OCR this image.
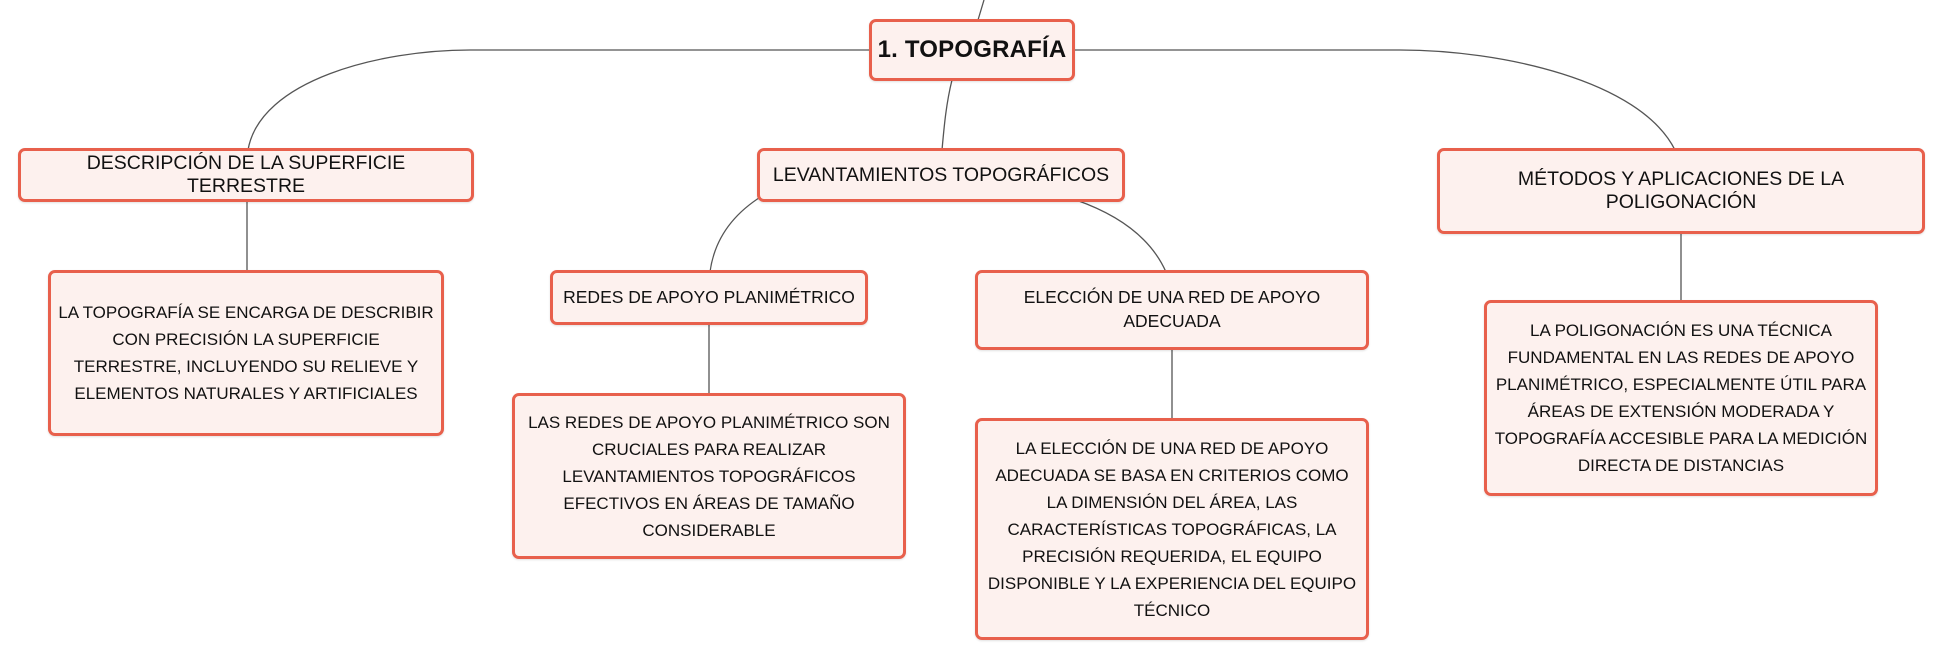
1. TOPOGRAFÍA
DESCRIPCIÓN DE LA SUPERFICIE TERRESTRE
LEVANTAMIENTOS TOPOGRÁFICOS	MÉTODOS Y APLICACIONES DE LA POLIGONACIÓN
LA TOPOGRAFÍA SE ENCARGA DE DESCRIBIR CON PRECISIÓN LA SUPERFICIE TERRESTRE, INCLUYENDO SU RELIEVE Y ELEMENTOS NATURALES Y ARTIFICIALES
REDES DE APOYO PLANIMÉTRICO	ELECCIÓN DE UNA RED DE APOYO ADECUADA
LAS REDES DE APOYO PLANIMÉTRICO SON CRUCIALES PARA REALIZAR LEVANTAMIENTOS TOPOGRÁFICOS EFECTIVOS EN ÁREAS DE TAMAÑO CONSIDERABLE
LA ELECCIÓN DE UNA RED DE APOYO ADECUADA SE BASA EN CRITERIOS COMO LA DIMENSIÓN DEL ÁREA, LAS CARACTERÍSTICAS TOPOGRÁFICAS, LA PRECISIÓN REQUERIDA, EL EQUIPO DISPONIBLE Y LA EXPERIENCIA DEL EQUIPO TÉCNICO
LA POLIGONACIÓN ES UNA TÉCNICA FUNDAMENTAL EN LAS REDES DE APOYO PLANIMÉTRICO, ESPECIALMENTE ÚTIL PARA ÁREAS DE EXTENSIÓN MODERADA Y TOPOGRAFÍA ACCESIBLE PARA LA MEDICIÓN DIRECTA DE DISTANCIAS
